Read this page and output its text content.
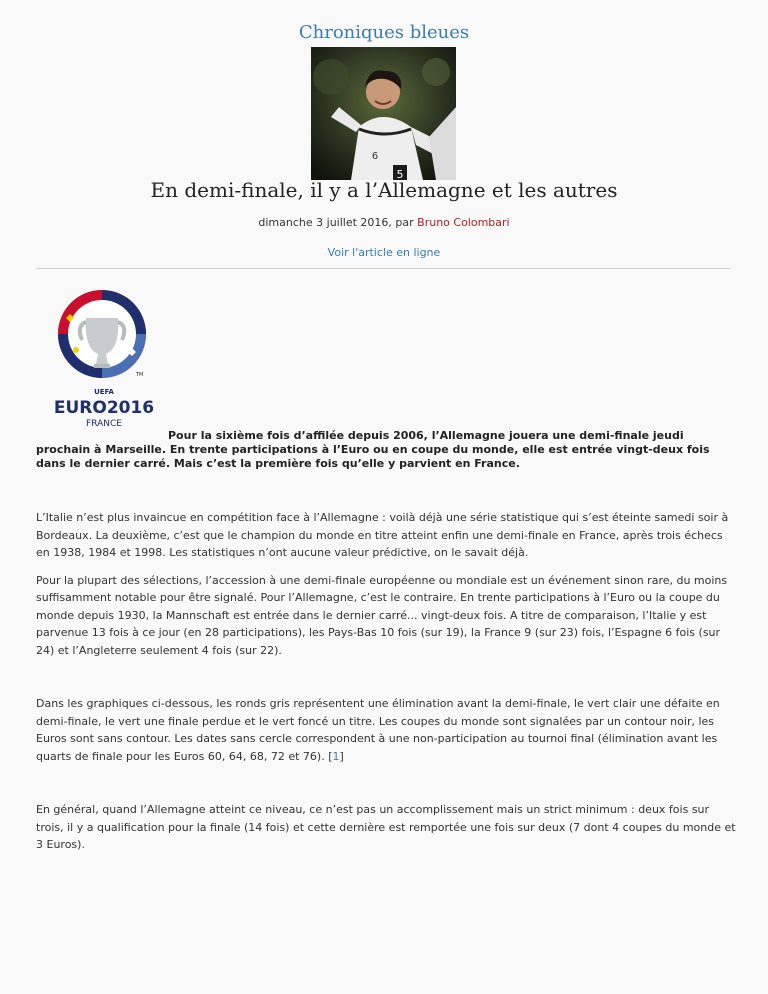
Chroniques bleues
5
6
En demi-finale, il y a l’Allemagne et les autres
dimanche 3 juillet 2016, par Bruno Colombari
Voir l'article en ligne
TM
UEFA
EURO2016
FRANCE

Pour la sixième fois d’affilée depuis 2006, l’Allemagne jouera une demi-finale jeudi prochain à Marseille. En trente participations à l’Euro ou en coupe du monde, elle est entrée vingt-deux fois dans le dernier carré. Mais c’est la première fois qu’elle y parvient en France.

L’Italie n’est plus invaincue en compétition face à l’Allemagne : voilà déjà une série statistique qui s’est éteinte samedi soir à Bordeaux. La deuxième, c’est que le champion du monde en titre atteint enfin une demi-finale en France, après trois échecs en 1938, 1984 et 1998. Les statistiques n’ont aucune valeur prédictive, on le savait déjà.

Pour la plupart des sélections, l’accession à une demi-finale européenne ou mondiale est un événement sinon rare, du moins suffisamment notable pour être signalé. Pour l’Allemagne, c’est le contraire. En trente participations à l’Euro ou la coupe du monde depuis 1930, la Mannschaft est entrée dans le dernier carré... vingt-deux fois. A titre de comparaison, l’Italie y est parvenue 13 fois à ce jour (en 28 participations), les Pays-Bas 10 fois (sur 19), la France 9 (sur 23) fois, l’Espagne 6 fois (sur 24) et l’Angleterre seulement 4 fois (sur 22).

Dans les graphiques ci-dessous, les ronds gris représentent une élimination avant la demi-finale, le vert clair une défaite en demi-finale, le vert une finale perdue et le vert foncé un titre. Les coupes du monde sont signalées par un contour noir, les Euros sont sans contour. Les dates sans cercle correspondent à une non-participation au tournoi final (élimination avant les quarts de finale pour les Euros 60, 64, 68, 72 et 76). [1]

En général, quand l’Allemagne atteint ce niveau, ce n’est pas un accomplissement mais un strict minimum : deux fois sur trois, il y a qualification pour la finale (14 fois) et cette dernière est remportée une fois sur deux (7 dont 4 coupes du monde et 3 Euros).
